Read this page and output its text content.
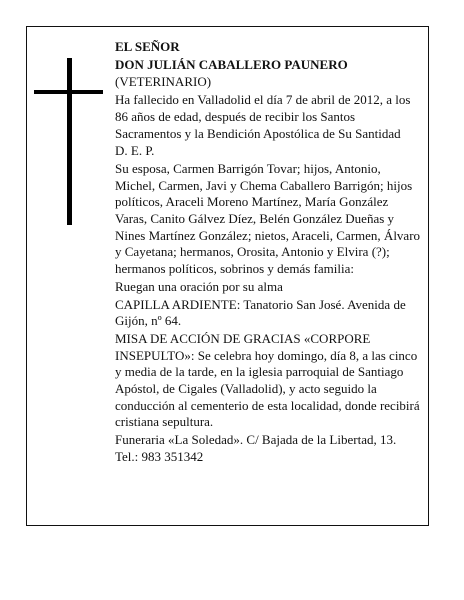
EL SEÑOR

DON JULIÁN CABALLERO PAUNERO

(VETERINARIO)

Ha fallecido en Valladolid el día 7 de abril de 2012, a los 86 años de edad, después de recibir los Santos Sacramentos y la Bendición Apostólica de Su Santidad

D. E. P.

Su esposa, Carmen Barrigón Tovar; hijos, Antonio, Michel, Carmen, Javi y Chema Caballero Barrigón; hijos políticos, Araceli Moreno Martínez, María González Varas, Canito Gálvez Díez, Belén González Dueñas y Nines Martínez González; nietos, Araceli, Carmen, Álvaro y Cayetana; hermanos, Orosita, Antonio y Elvira (?); hermanos políticos, sobrinos y demás familia:

Ruegan una oración por su alma

CAPILLA ARDIENTE: Tanatorio San José. Avenida de Gijón, nº 64.

MISA DE ACCIÓN DE GRACIAS «CORPORE INSEPULTO»: Se celebra hoy domingo, día 8, a las cinco y media de la tarde, en la iglesia parroquial de Santiago Apóstol, de Cigales (Valladolid), y acto seguido la conducción al cementerio de esta localidad, donde recibirá cristiana sepultura.

Funeraria «La Soledad». C/ Bajada de la Libertad, 13. Tel.: 983 351342
